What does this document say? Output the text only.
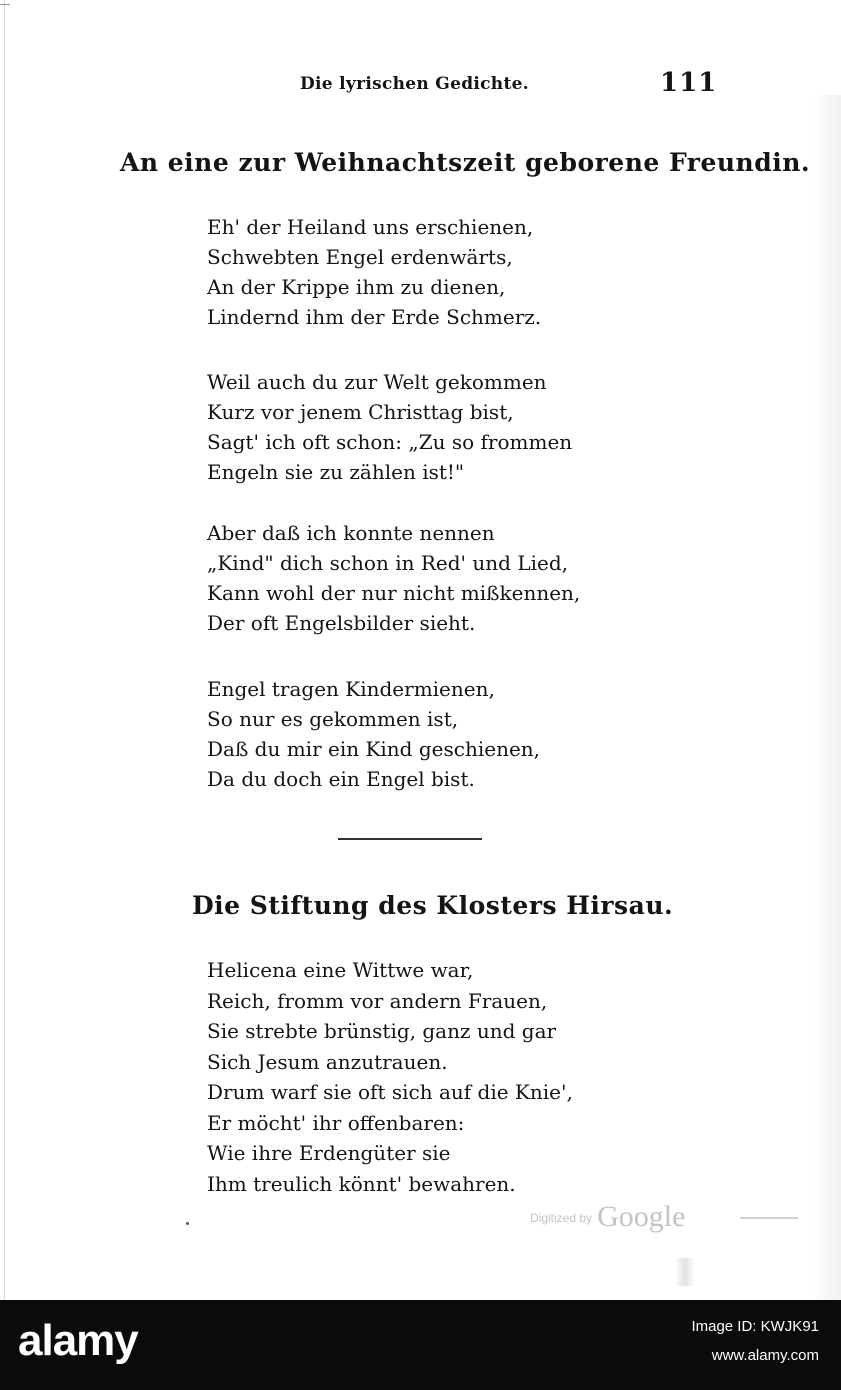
Die lyrischen Gedichte.	111
An eine zur Weihnachtszeit geborene Freundin.
Eh' der Heiland uns erschienen,
Schwebten Engel erdenwärts,
An der Krippe ihm zu dienen,
Lindernd ihm der Erde Schmerz.
Weil auch du zur Welt gekommen
Kurz vor jenem Christtag bist,
Sagt' ich oft schon: „Zu so frommen
Engeln sie zu zählen ist!"
Aber daß ich konnte nennen
„Kind" dich schon in Red' und Lied,
Kann wohl der nur nicht mißkennen,
Der oft Engelsbilder sieht.
Engel tragen Kindermienen,
So nur es gekommen ist,
Daß du mir ein Kind geschienen,
Da du doch ein Engel bist.
Die Stiftung des Klosters Hirsau.
Helicena eine Wittwe war,
Reich, fromm vor andern Frauen,
Sie strebte brünstig, ganz und gar
Sich Jesum anzutrauen.
Drum warf sie oft sich auf die Knie',
Er möcht' ihr offenbaren:
Wie ihre Erdengüter sie
Ihm treulich könnt' bewahren.
$^{Digitized by}$ Google
alamy	Image ID: KWJK91
www.alamy.com
